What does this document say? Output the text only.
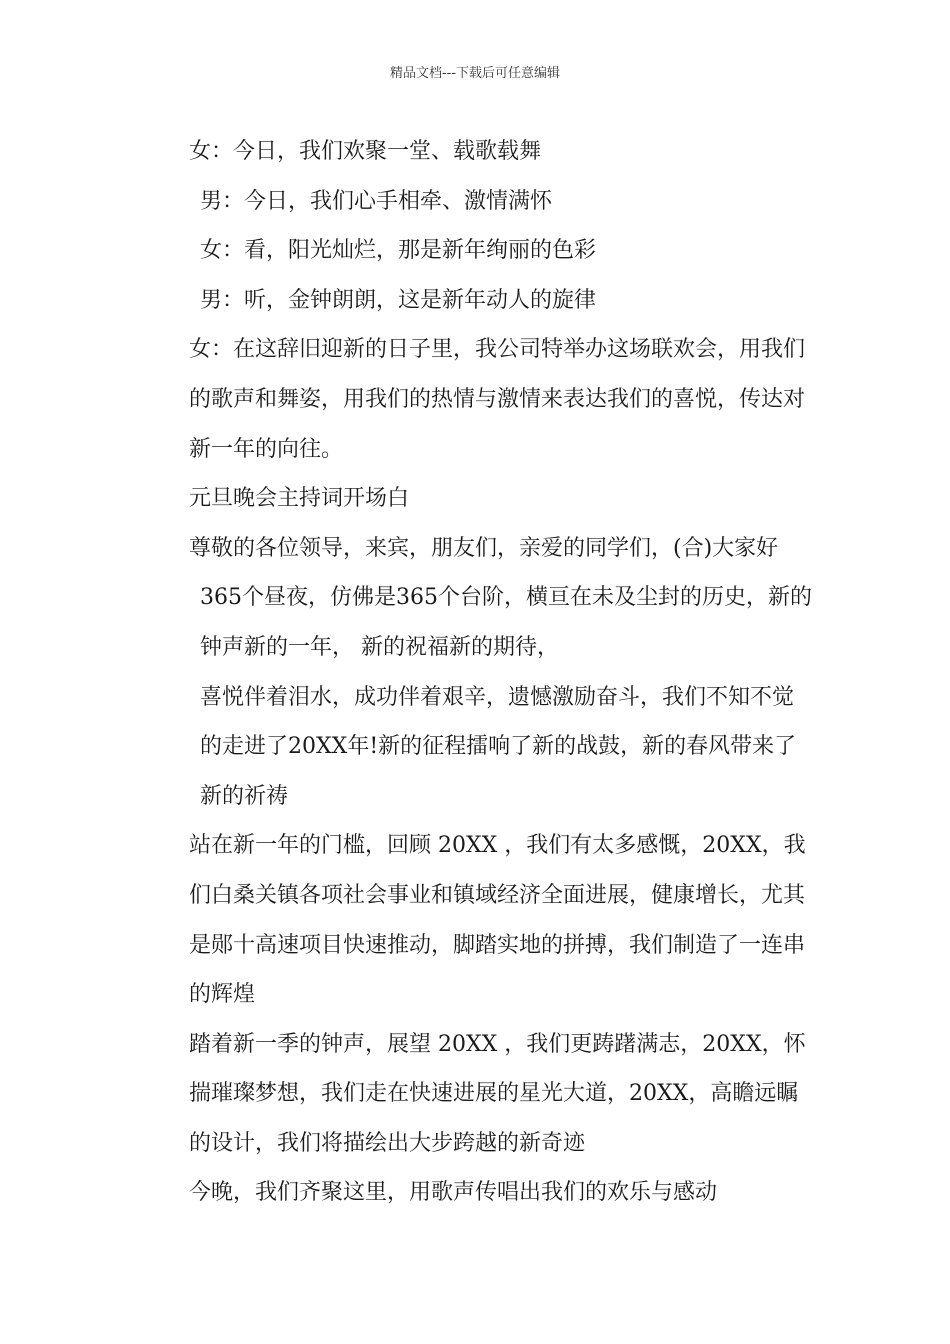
精品文档---下载后可任意编辑

女：今日，我们欢聚一堂、载歌载舞

男：今日，我们心手相牵、激情满怀

女：看，阳光灿烂，那是新年绚丽的色彩

男：听，金钟朗朗，这是新年动人的旋律

女：在这辞旧迎新的日子里，我公司特举办这场联欢会，用我们的歌声和舞姿，用我们的热情与激情来表达我们的喜悦，传达对新一年的向往。

元旦晚会主持词开场白

尊敬的各位领导，来宾，朋友们，亲爱的同学们，(合)大家好

365个昼夜，仿佛是365个台阶，横亘在未及尘封的历史，新的钟声新的一年， 新的祝福新的期待，

喜悦伴着泪水，成功伴着艰辛，遗憾激励奋斗，我们不知不觉的走进了20XX年!新的征程擂响了新的战鼓，新的春风带来了新的祈祷

站在新一年的门槛，回顾 20XX ，我们有太多感慨，20XX，我们白桑关镇各项社会事业和镇域经济全面进展，健康增长，尤其是郧十高速项目快速推动，脚踏实地的拼搏，我们制造了一连串的辉煌

踏着新一季的钟声，展望 20XX ，我们更踌躇满志，20XX，怀揣璀璨梦想，我们走在快速进展的星光大道，20XX，高瞻远瞩的设计，我们将描绘出大步跨越的新奇迹

今晚，我们齐聚这里，用歌声传唱出我们的欢乐与感动
